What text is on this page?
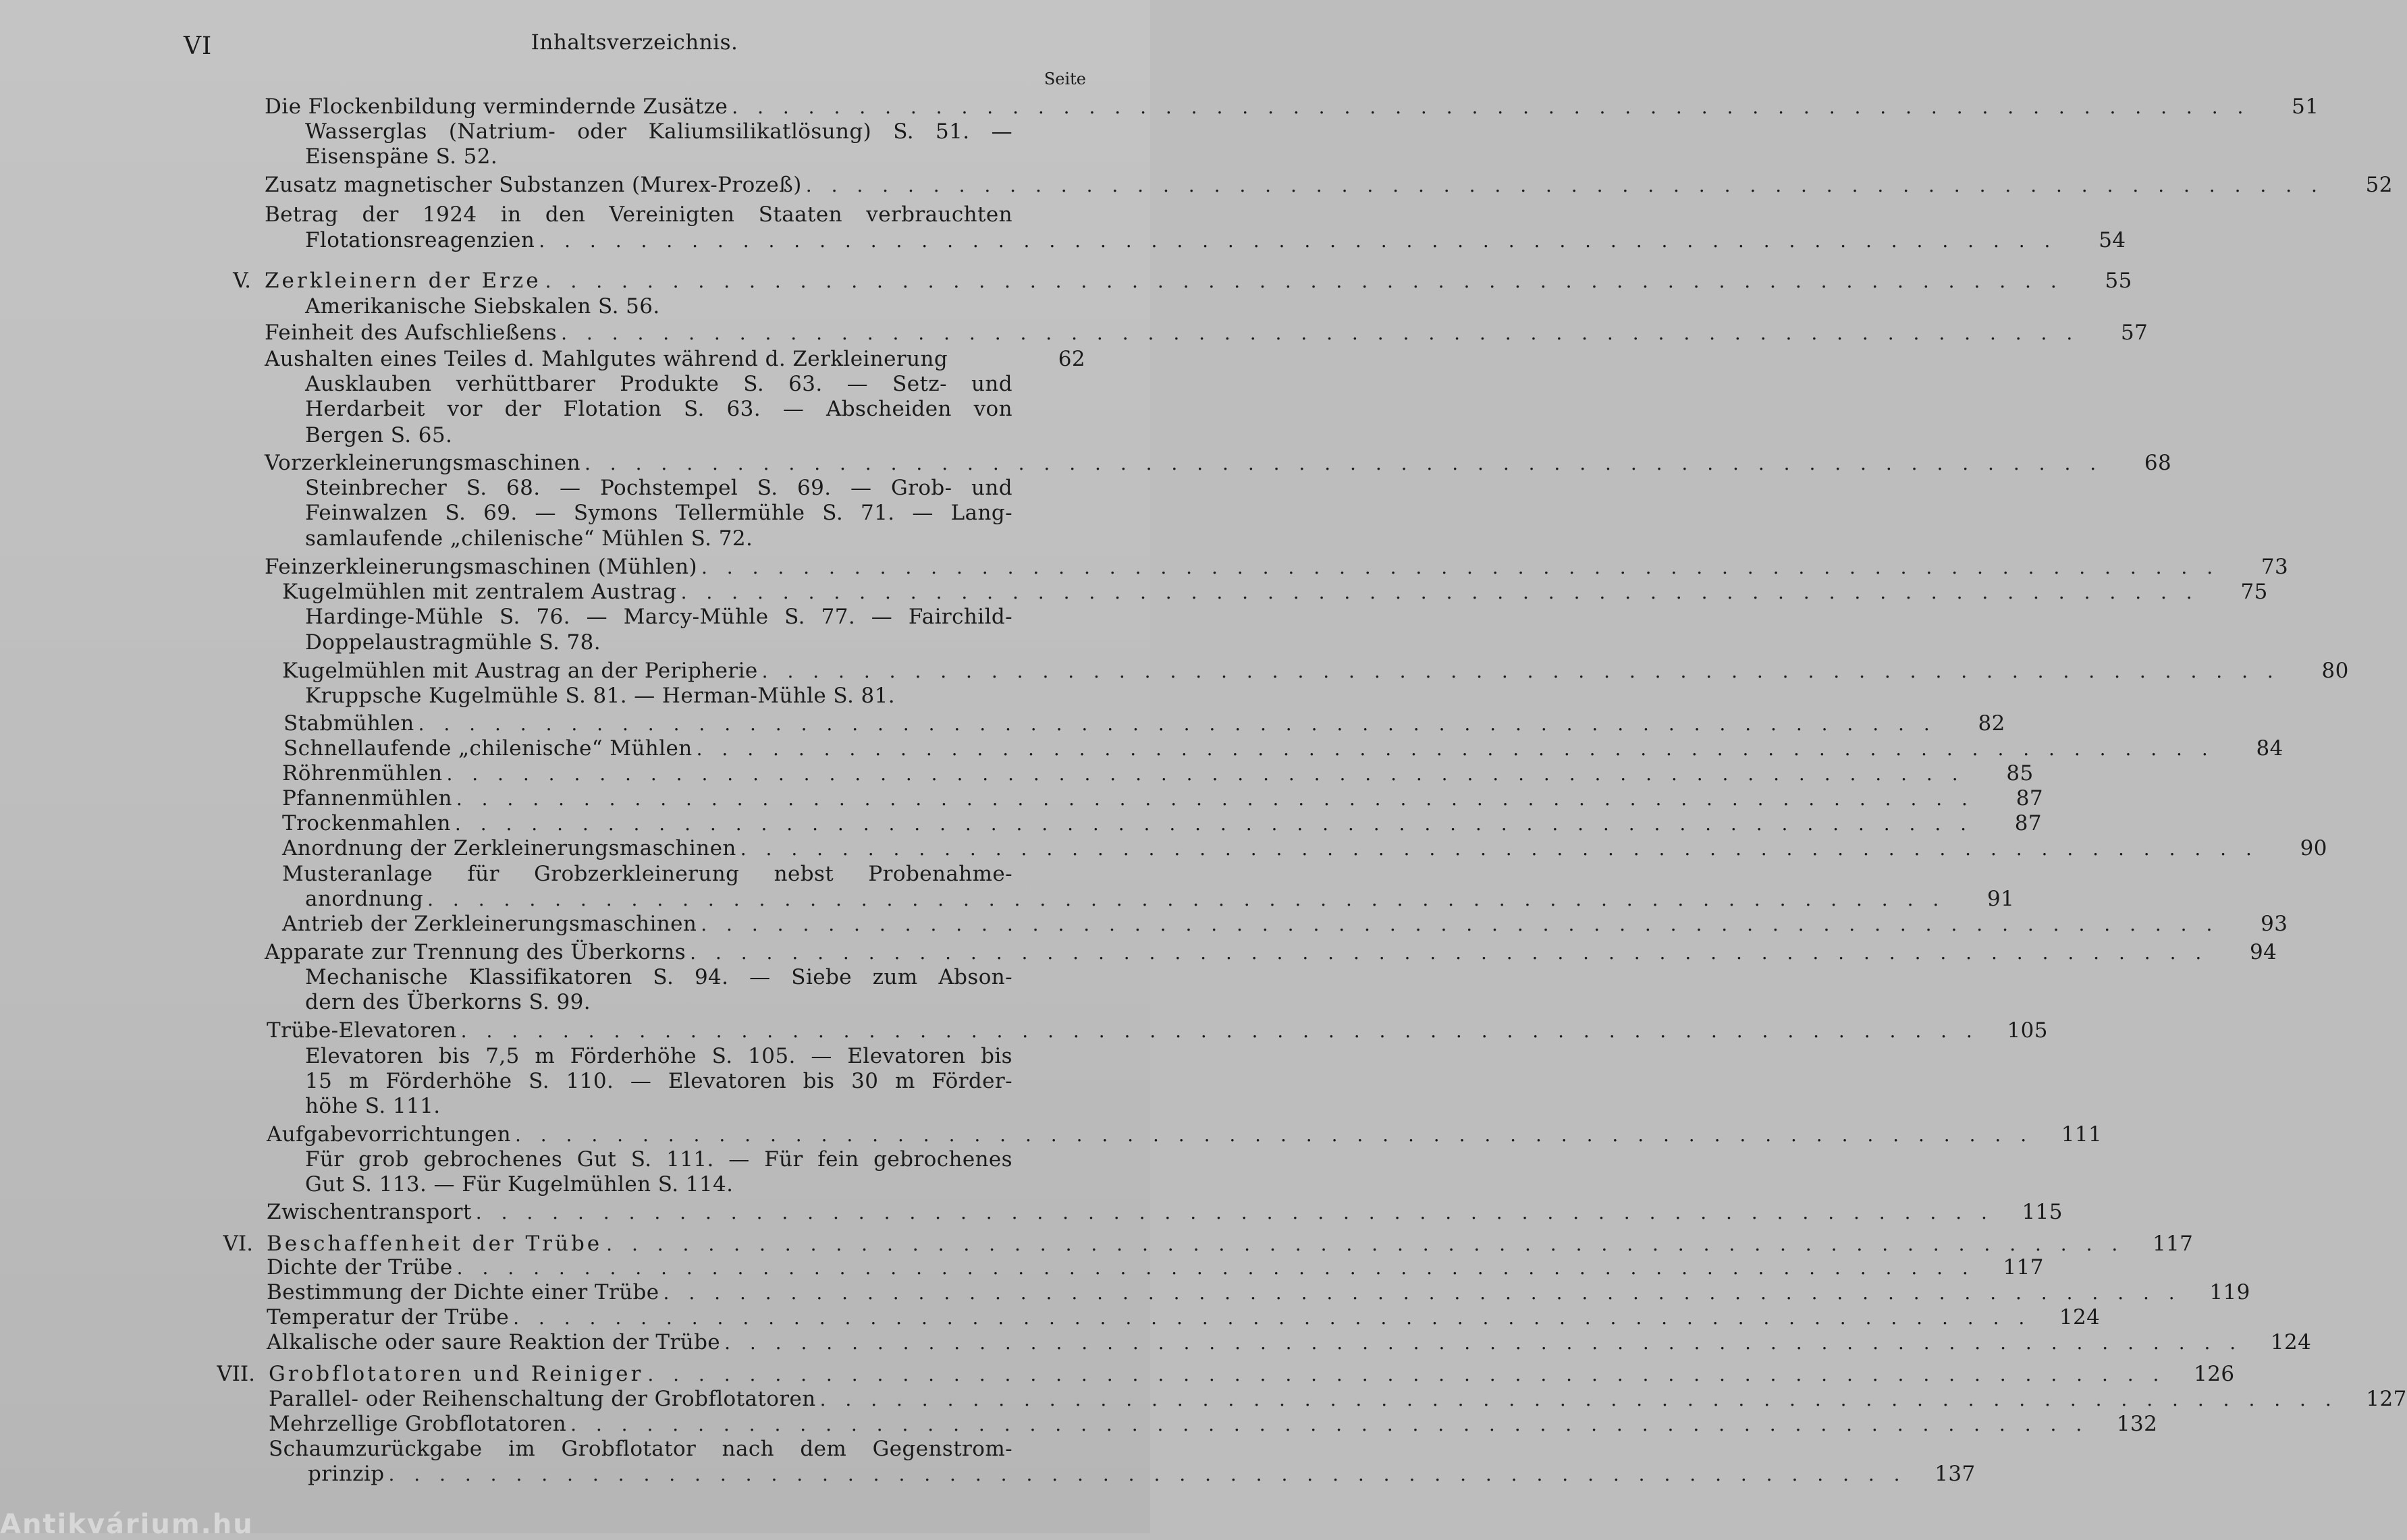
VI	Inhaltsverzeichnis.
Seite
Die Flockenbildung vermindernde Zusätze . . . . . . . . . . . . . . . . . . . . . . . . . . . . . . . . . . . . . . . . . . . . . . . . . . . . . . . . . . . .	51
Wasserglas (Natrium- oder Kaliumsilikatlösung) S. 51. —
Eisenspäne S. 52.
Zusatz magnetischer Substanzen (Murex-Prozeß) . . . . . . . . . . . . . . . . . . . . . . . . . . . . . . . . . . . . . . . . . . . . . . . . . . . . . . . . . . . .	52
Betrag der 1924 in den Vereinigten Staaten verbrauchten
Flotationsreagenzien . . . . . . . . . . . . . . . . . . . . . . . . . . . . . . . . . . . . . . . . . . . . . . . . . . . . . . . . . . . .	54
V. Zerkleinern der Erze . . . . . . . . . . . . . . . . . . . . . . . . . . . . . . . . . . . . . . . . . . . . . . . . . . . . . . . . . . . .	55
Amerikanische Siebskalen S. 56.
Feinheit des Aufschließens . . . . . . . . . . . . . . . . . . . . . . . . . . . . . . . . . . . . . . . . . . . . . . . . . . . . . . . . . . . .	57
Aushalten eines Teiles d. Mahlgutes während d. Zerkleinerung	62
Ausklauben verhüttbarer Produkte S. 63. — Setz- und
Herdarbeit vor der Flotation S. 63. — Abscheiden von
Bergen S. 65.
Vorzerkleinerungsmaschinen . . . . . . . . . . . . . . . . . . . . . . . . . . . . . . . . . . . . . . . . . . . . . . . . . . . . . . . . . . . .	68
Steinbrecher S. 68. — Pochstempel S. 69. — Grob- und
Feinwalzen S. 69. — Symons Tellermühle S. 71. — Lang-
samlaufende „chilenische“ Mühlen S. 72.
Feinzerkleinerungsmaschinen (Mühlen) . . . . . . . . . . . . . . . . . . . . . . . . . . . . . . . . . . . . . . . . . . . . . . . . . . . . . . . . . . . .	73
Kugelmühlen mit zentralem Austrag . . . . . . . . . . . . . . . . . . . . . . . . . . . . . . . . . . . . . . . . . . . . . . . . . . . . . . . . . . . .	75
Hardinge-Mühle S. 76. — Marcy-Mühle S. 77. — Fairchild-
Doppelaustragmühle S. 78.
Kugelmühlen mit Austrag an der Peripherie . . . . . . . . . . . . . . . . . . . . . . . . . . . . . . . . . . . . . . . . . . . . . . . . . . . . . . . . . . . .	80
Kruppsche Kugelmühle S. 81. — Herman-Mühle S. 81.
Stabmühlen . . . . . . . . . . . . . . . . . . . . . . . . . . . . . . . . . . . . . . . . . . . . . . . . . . . . . . . . . . . .	82
Schnellaufende „chilenische“ Mühlen . . . . . . . . . . . . . . . . . . . . . . . . . . . . . . . . . . . . . . . . . . . . . . . . . . . . . . . . . . . .	84
Röhrenmühlen . . . . . . . . . . . . . . . . . . . . . . . . . . . . . . . . . . . . . . . . . . . . . . . . . . . . . . . . . . . .	85
Pfannenmühlen . . . . . . . . . . . . . . . . . . . . . . . . . . . . . . . . . . . . . . . . . . . . . . . . . . . . . . . . . . . .	87
Trockenmahlen . . . . . . . . . . . . . . . . . . . . . . . . . . . . . . . . . . . . . . . . . . . . . . . . . . . . . . . . . . . .	87
Anordnung der Zerkleinerungsmaschinen . . . . . . . . . . . . . . . . . . . . . . . . . . . . . . . . . . . . . . . . . . . . . . . . . . . . . . . . . . . .	90
Musteranlage für Grobzerkleinerung nebst Probenahme-
anordnung . . . . . . . . . . . . . . . . . . . . . . . . . . . . . . . . . . . . . . . . . . . . . . . . . . . . . . . . . . . .	91
Antrieb der Zerkleinerungsmaschinen . . . . . . . . . . . . . . . . . . . . . . . . . . . . . . . . . . . . . . . . . . . . . . . . . . . . . . . . . . . .	93
Apparate zur Trennung des Überkorns . . . . . . . . . . . . . . . . . . . . . . . . . . . . . . . . . . . . . . . . . . . . . . . . . . . . . . . . . . . .	94
Mechanische Klassifikatoren S. 94. — Siebe zum Abson-
dern des Überkorns S. 99.
Trübe-Elevatoren . . . . . . . . . . . . . . . . . . . . . . . . . . . . . . . . . . . . . . . . . . . . . . . . . . . . . . . . . . . .	105
Elevatoren bis 7,5 m Förderhöhe S. 105. — Elevatoren bis
15 m Förderhöhe S. 110. — Elevatoren bis 30 m Förder-
höhe S. 111.
Aufgabevorrichtungen . . . . . . . . . . . . . . . . . . . . . . . . . . . . . . . . . . . . . . . . . . . . . . . . . . . . . . . . . . . .	111
Für grob gebrochenes Gut S. 111. — Für fein gebrochenes
Gut S. 113. — Für Kugelmühlen S. 114.
Zwischentransport . . . . . . . . . . . . . . . . . . . . . . . . . . . . . . . . . . . . . . . . . . . . . . . . . . . . . . . . . . . .	115
VI. Beschaffenheit der Trübe . . . . . . . . . . . . . . . . . . . . . . . . . . . . . . . . . . . . . . . . . . . . . . . . . . . . . . . . . . . .	117
Dichte der Trübe . . . . . . . . . . . . . . . . . . . . . . . . . . . . . . . . . . . . . . . . . . . . . . . . . . . . . . . . . . . .	117
Bestimmung der Dichte einer Trübe . . . . . . . . . . . . . . . . . . . . . . . . . . . . . . . . . . . . . . . . . . . . . . . . . . . . . . . . . . . .	119
Temperatur der Trübe . . . . . . . . . . . . . . . . . . . . . . . . . . . . . . . . . . . . . . . . . . . . . . . . . . . . . . . . . . . .	124
Alkalische oder saure Reaktion der Trübe . . . . . . . . . . . . . . . . . . . . . . . . . . . . . . . . . . . . . . . . . . . . . . . . . . . . . . . . . . . .	124
VII. Grobflotatoren und Reiniger . . . . . . . . . . . . . . . . . . . . . . . . . . . . . . . . . . . . . . . . . . . . . . . . . . . . . . . . . . . .	126
Parallel- oder Reihenschaltung der Grobflotatoren . . . . . . . . . . . . . . . . . . . . . . . . . . . . . . . . . . . . . . . . . . . . . . . . . . . . . . . . . . . .	127
Mehrzellige Grobflotatoren . . . . . . . . . . . . . . . . . . . . . . . . . . . . . . . . . . . . . . . . . . . . . . . . . . . . . . . . . . . .	132
Schaumzurückgabe im Grobflotator nach dem Gegenstrom-
prinzip . . . . . . . . . . . . . . . . . . . . . . . . . . . . . . . . . . . . . . . . . . . . . . . . . . . . . . . . . . . .	137
Antikvárium.hu
